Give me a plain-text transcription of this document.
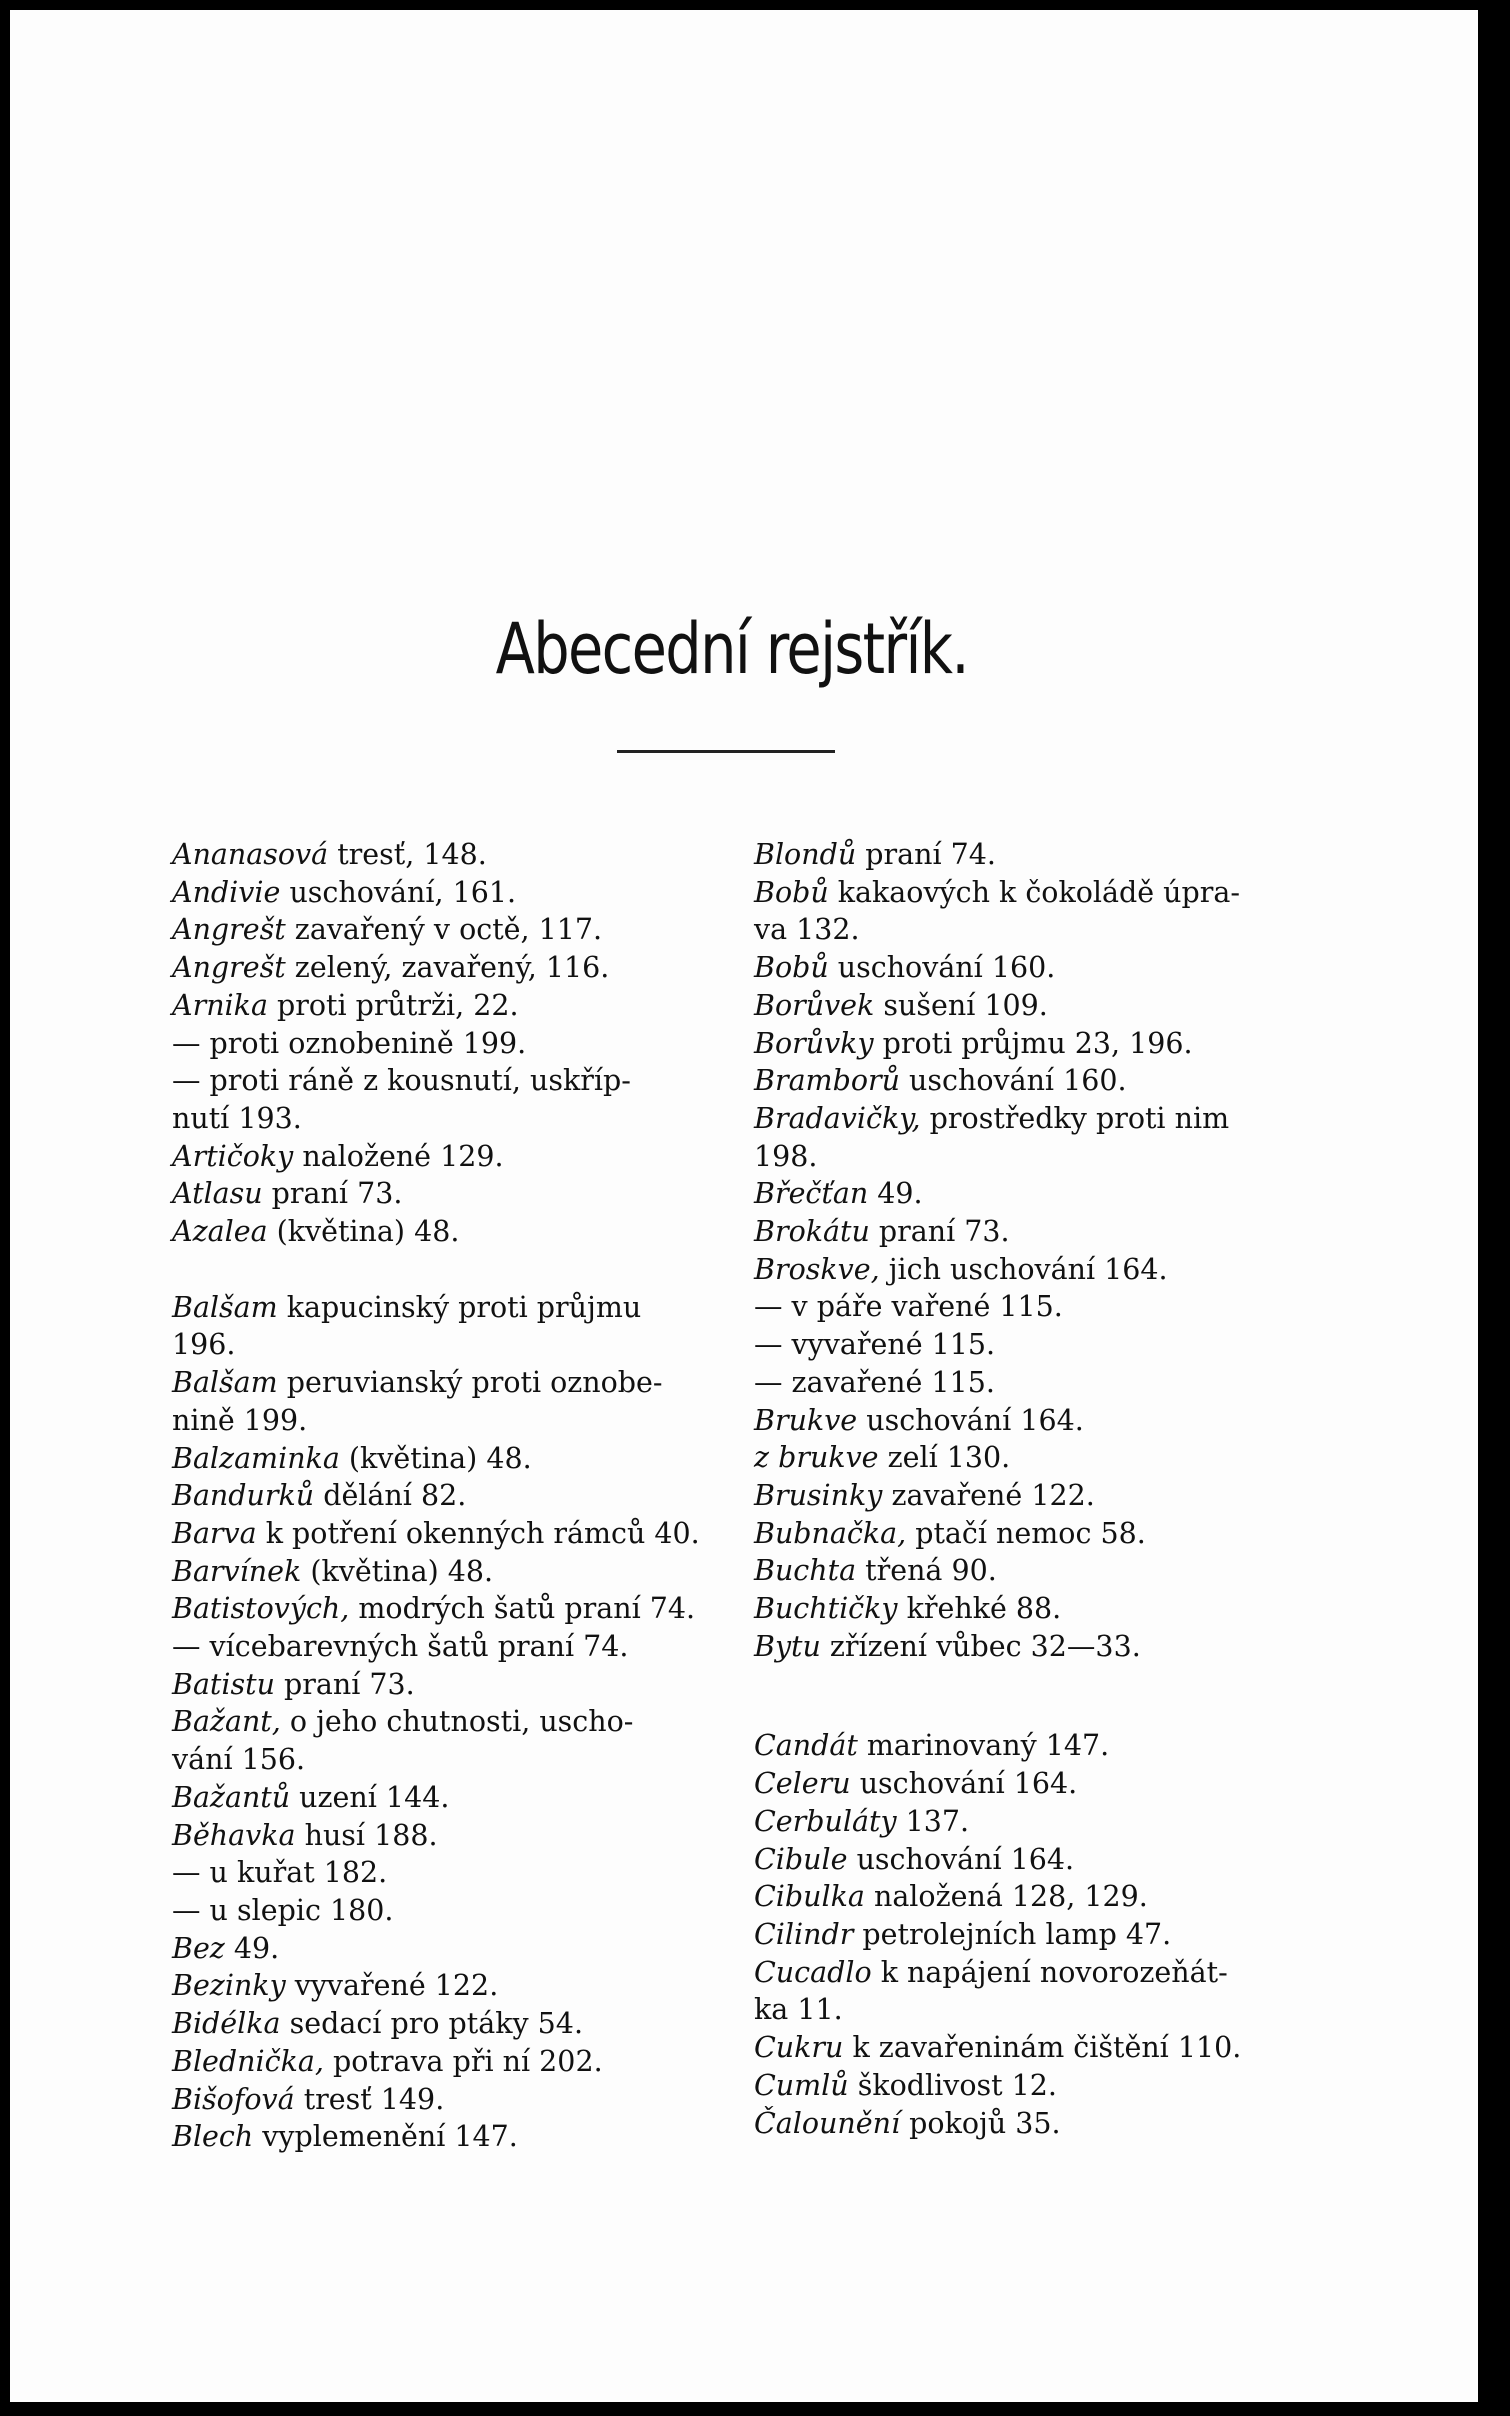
Abecední rejstřík.
Ananasová tresť, 148.
Andivie uschování, 161.
Angrešt zavařený v octě, 117.
Angrešt zelený, zavařený, 116.
Arnika proti průtrži, 22.
— proti oznobenině 199.
— proti ráně z kousnutí, uskříp-
nutí 193.
Artičoky naložené 129.
Atlasu praní 73.
Azalea (květina) 48.
Balšam kapucinský proti průjmu
196.
Balšam peruvianský proti oznobe-
nině 199.
Balzaminka (květina) 48.
Bandurků dělání 82.
Barva k potření okenných rámců 40.
Barvínek (květina) 48.
Batistových, modrých šatů praní 74.
— vícebarevných šatů praní 74.
Batistu praní 73.
Bažant, o jeho chutnosti, uscho-
vání 156.
Bažantů uzení 144.
Běhavka husí 188.
— u kuřat 182.
— u slepic 180.
Bez 49.
Bezinky vyvařené 122.
Bidélka sedací pro ptáky 54.
Blednička, potrava při ní 202.
Bišofová tresť 149.
Blech vyplemenění 147.
Blondů praní 74.
Bobů kakaových k čokoládě úpra-
va 132.
Bobů uschování 160.
Borůvek sušení 109.
Borůvky proti průjmu 23, 196.
Bramborů uschování 160.
Bradavičky, prostředky proti nim
198.
Břečťan 49.
Brokátu praní 73.
Broskve, jich uschování 164.
— v páře vařené 115.
— vyvařené 115.
— zavařené 115.
Brukve uschování 164.
z brukve zelí 130.
Brusinky zavařené 122.
Bubnačka, ptačí nemoc 58.
Buchta třená 90.
Buchtičky křehké 88.
Bytu zřízení vůbec 32—33.
Candát marinovaný 147.
Celeru uschování 164.
Cerbuláty 137.
Cibule uschování 164.
Cibulka naložená 128, 129.
Cilindr petrolejních lamp 47.
Cucadlo k napájení novorozeňát-
ka 11.
Cukru k zavařeninám čištění 110.
Cumlů škodlivost 12.
Čalounění pokojů 35.
